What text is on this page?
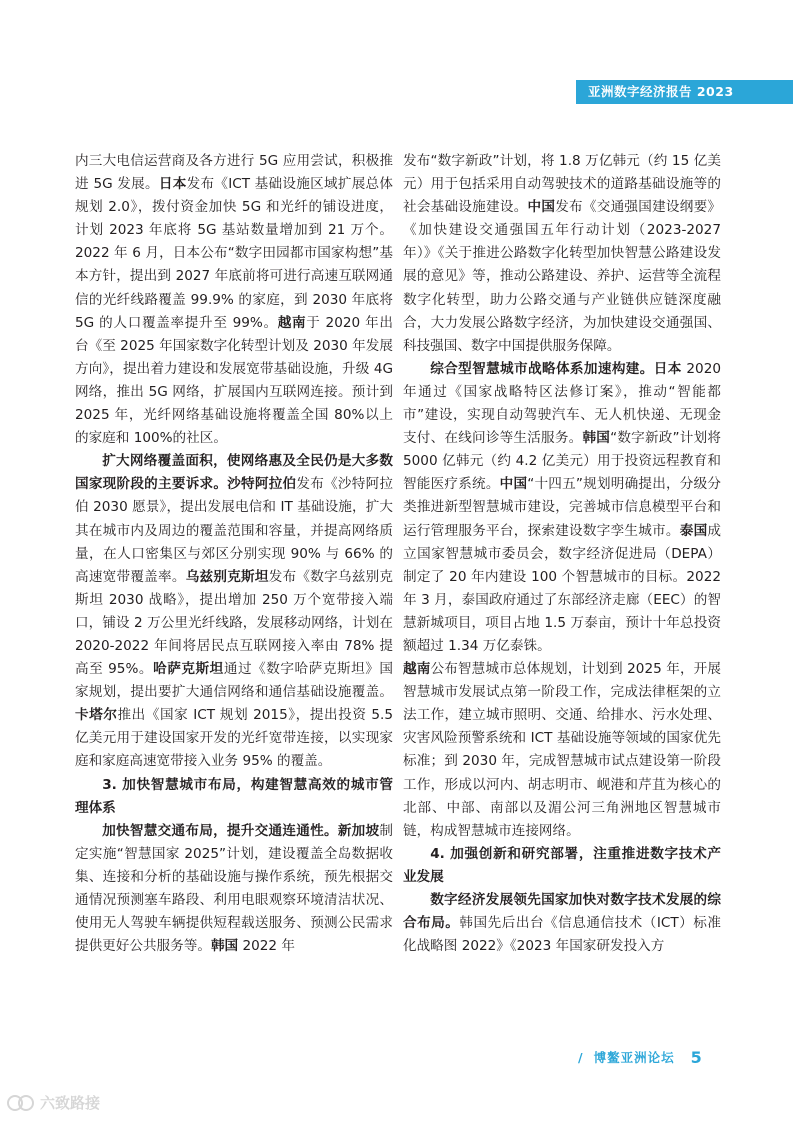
亚洲数字经济报告 2023

内三大电信运营商及各方进行 5G 应用尝试，积极推进 5G 发展。日本发布《ICT 基础设施区域扩展总体规划 2.0》，拨付资金加快 5G 和光纤的铺设进度，计划 2023 年底将 5G 基站数量增加到 21 万个。2022 年 6 月，日本公布“数字田园都市国家构想”基本方针，提出到 2027 年底前将可进行高速互联网通信的光纤线路覆盖 99.9% 的家庭，到 2030 年底将 5G 的人口覆盖率提升至 99%。越南于 2020 年出台《至 2025 年国家数字化转型计划及 2030 年发展方向》，提出着力建设和发展宽带基础设施，升级 4G 网络，推出 5G 网络，扩展国内互联网连接。预计到 2025 年，光纤网络基础设施将覆盖全国 80%以上的家庭和 100%的社区。

扩大网络覆盖面积，使网络惠及全民仍是大多数国家现阶段的主要诉求。沙特阿拉伯发布《沙特阿拉伯 2030 愿景》，提出发展电信和 IT 基础设施，扩大其在城市内及周边的覆盖范围和容量，并提高网络质量，在人口密集区与郊区分别实现 90% 与 66% 的高速宽带覆盖率。乌兹别克斯坦发布《数字乌兹别克斯坦 2030 战略》，提出增加 250 万个宽带接入端口，铺设 2 万公里光纤线路，发展移动网络，计划在 2020-2022 年间将居民点互联网接入率由 78% 提高至 95%。哈萨克斯坦通过《数字哈萨克斯坦》国家规划，提出要扩大通信网络和通信基础设施覆盖。卡塔尔推出《国家 ICT 规划 2015》，提出投资 5.5 亿美元用于建设国家开发的光纤宽带连接，以实现家庭和家庭高速宽带接入业务 95% 的覆盖。

3. 加快智慧城市布局，构建智慧高效的城市管理体系

加快智慧交通布局，提升交通连通性。新加坡制定实施“智慧国家 2025”计划，建设覆盖全岛数据收集、连接和分析的基础设施与操作系统，预先根据交通情况预测塞车路段、利用电眼观察环境清洁状况、使用无人驾驶车辆提供短程载送服务、预测公民需求提供更好公共服务等。韩国 2022 年

发布“数字新政”计划，将 1.8 万亿韩元（约 15 亿美元）用于包括采用自动驾驶技术的道路基础设施等的社会基础设施建设。中国发布《交通强国建设纲要》《加快建设交通强国五年行动计划（2023-2027 年）》《关于推进公路数字化转型加快智慧公路建设发展的意见》等，推动公路建设、养护、运营等全流程数字化转型，助力公路交通与产业链供应链深度融合，大力发展公路数字经济，为加快建设交通强国、科技强国、数字中国提供服务保障。

综合型智慧城市战略体系加速构建。日本 2020 年通过《国家战略特区法修订案》，推动“智能都市”建设，实现自动驾驶汽车、无人机快递、无现金支付、在线问诊等生活服务。韩国“数字新政”计划将 5000 亿韩元（约 4.2 亿美元）用于投资远程教育和智能医疗系统。中国“十四五”规划明确提出，分级分类推进新型智慧城市建设，完善城市信息模型平台和运行管理服务平台，探索建设数字孪生城市。泰国成立国家智慧城市委员会，数字经济促进局（DEPA）制定了 20 年内建设 100 个智慧城市的目标。2022 年 3 月，泰国政府通过了东部经济走廊（EEC）的智慧新城项目，项目占地 1.5 万泰亩，预计十年总投资额超过 1.34 万亿泰铢。

越南公布智慧城市总体规划，计划到 2025 年，开展智慧城市发展试点第一阶段工作，完成法律框架的立法工作，建立城市照明、交通、给排水、污水处理、灾害风险预警系统和 ICT 基础设施等领域的国家优先标准；到 2030 年，完成智慧城市试点建设第一阶段工作，形成以河内、胡志明市、岘港和芹苴为核心的北部、中部、南部以及湄公河三角洲地区智慧城市链，构成智慧城市连接网络。

4. 加强创新和研究部署，注重推进数字技术产业发展

数字经济发展领先国家加快对数字技术发展的综合布局。韩国先后出台《信息通信技术（ICT）标准化战略图 2022》《2023 年国家研发投入方

/ 博鳌亚洲论坛 5
六致路接
